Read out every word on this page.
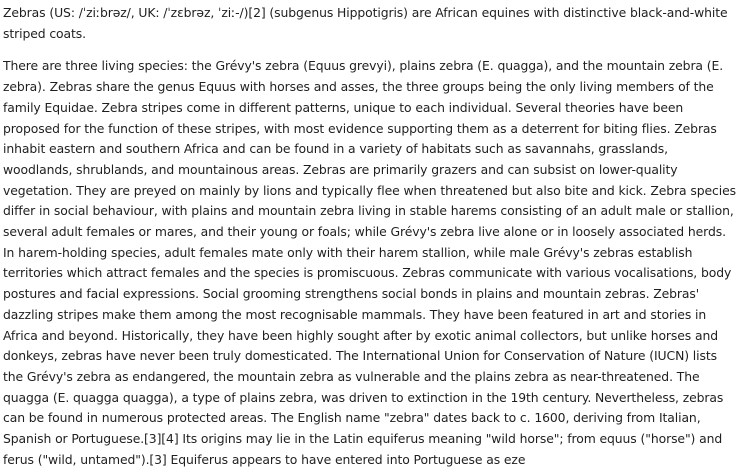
Zebras (US: /ˈziːbrəz/, UK: /ˈzɛbrəz, ˈziː-/)[2] (subgenus Hippotigris) are African equines with distinctive black-and-white striped coats.

There are three living species: the Grévy's zebra (Equus grevyi), plains zebra (E. quagga), and the mountain zebra (E. zebra). Zebras share the genus Equus with horses and asses, the three groups being the only living members of the family Equidae. Zebra stripes come in different patterns, unique to each individual. Several theories have been proposed for the function of these stripes, with most evidence supporting them as a deterrent for biting flies. Zebras inhabit eastern and southern Africa and can be found in a variety of habitats such as savannahs, grasslands, woodlands, shrublands, and mountainous areas. Zebras are primarily grazers and can subsist on lower-quality vegetation. They are preyed on mainly by lions and typically flee when threatened but also bite and kick. Zebra species differ in social behaviour, with plains and mountain zebra living in stable harems consisting of an adult male or stallion, several adult females or mares, and their young or foals; while Grévy's zebra live alone or in loosely associated herds. In harem-holding species, adult females mate only with their harem stallion, while male Grévy's zebras establish territories which attract females and the species is promiscuous. Zebras communicate with various vocalisations, body postures and facial expressions. Social grooming strengthens social bonds in plains and mountain zebras. Zebras' dazzling stripes make them among the most recognisable mammals. They have been featured in art and stories in Africa and beyond. Historically, they have been highly sought after by exotic animal collectors, but unlike horses and donkeys, zebras have never been truly domesticated. The International Union for Conservation of Nature (IUCN) lists the Grévy's zebra as endangered, the mountain zebra as vulnerable and the plains zebra as near-threatened. The quagga (E. quagga quagga), a type of plains zebra, was driven to extinction in the 19th century. Nevertheless, zebras can be found in numerous protected areas. The English name "zebra" dates back to c. 1600, deriving from Italian, Spanish or Portuguese.[3][4] Its origins may lie in the Latin equiferus meaning "wild horse"; from equus ("horse") and ferus ("wild, untamed").[3] Equiferus appears to have entered into Portuguese as eze
